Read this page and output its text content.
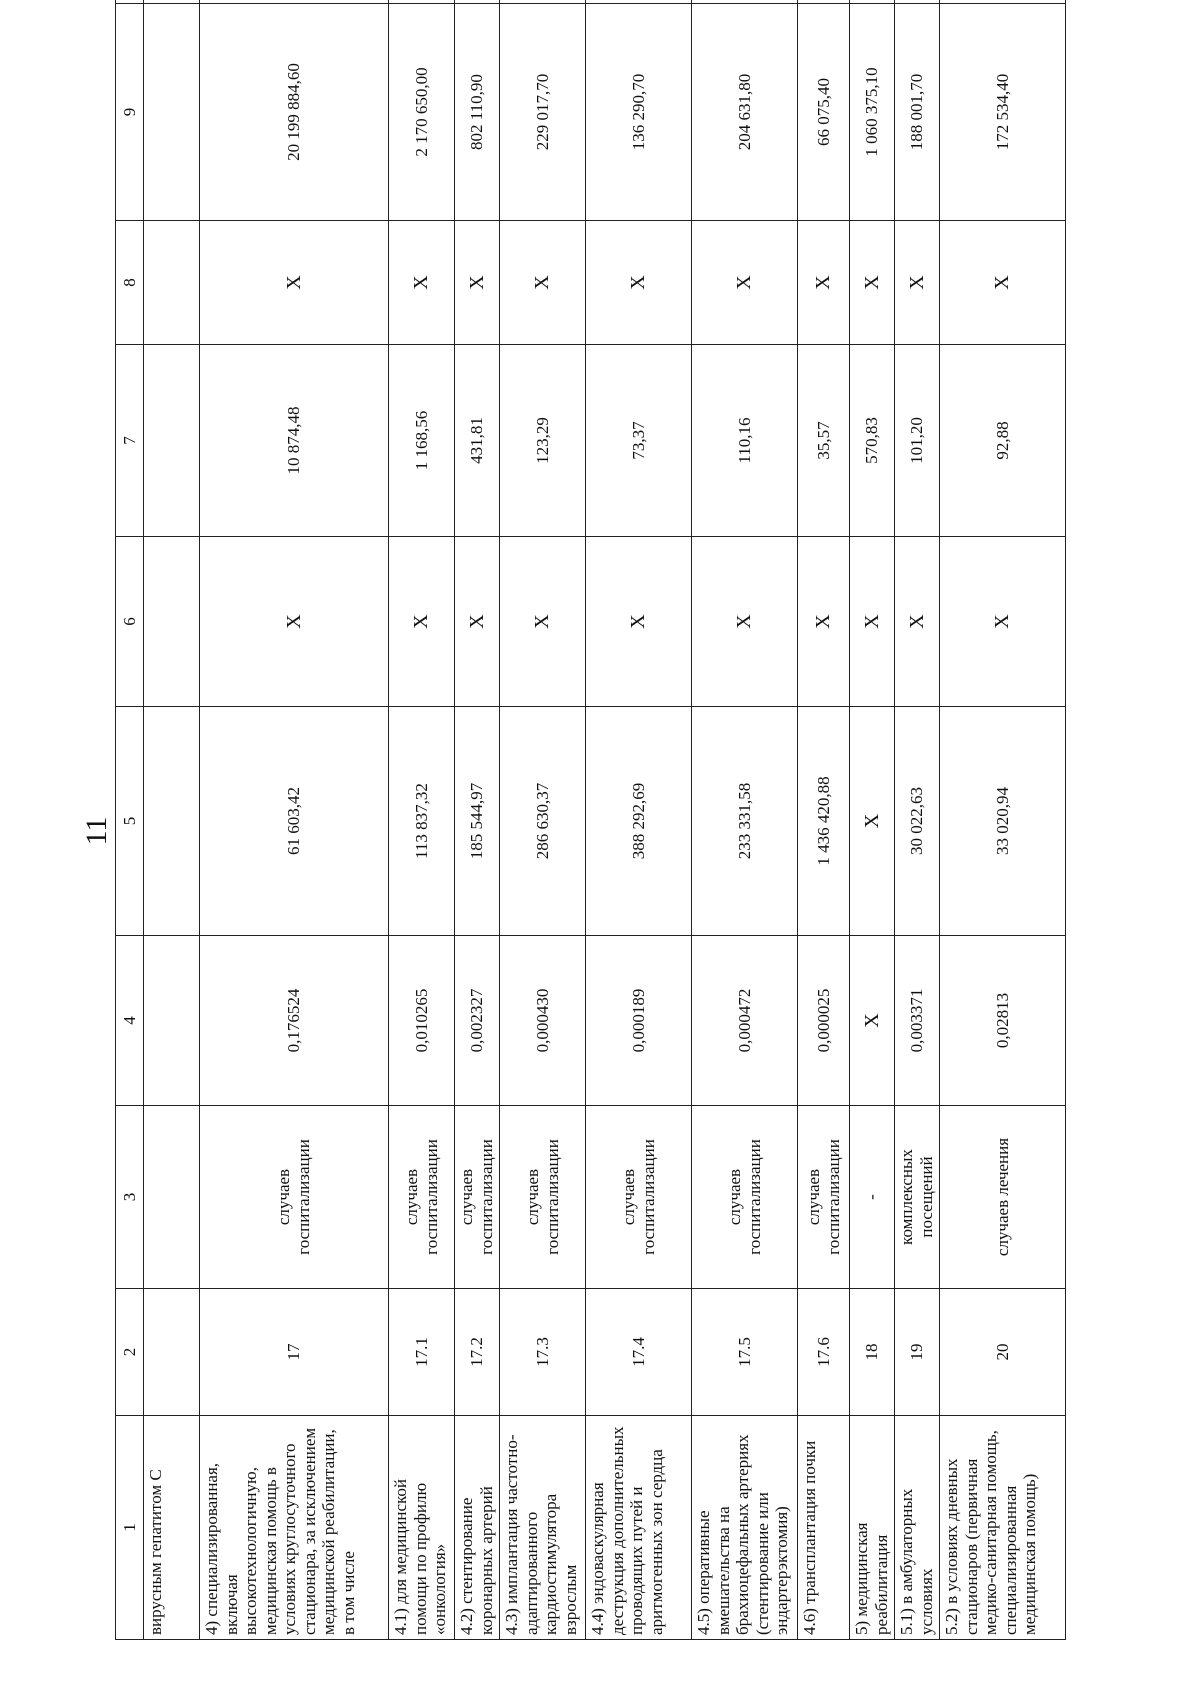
11
1	2	3	4	5	6	7	8	9	
вирусным гепатитом С									
4) специализированная, включая высокотехнологичную, медицинская помощь в условиях круглосуточного стационара, за исключением медицинской реабилитации, в том числе	17	случаев госпитализации	0,176524	61 603,42	Х	10 874,48	Х	20 199 884,60	
4.1) для медицинской помощи по профилю «онкология»	17.1	случаев госпитализации	0,010265	113 837,32	Х	1 168,56	Х	2 170 650,00	
4.2) стентирование коронарных артерий	17.2	случаев госпитализации	0,002327	185 544,97	Х	431,81	Х	802 110,90	
4.3) имплантация частотно-адаптированного кардиостимулятора взрослым	17.3	случаев госпитализации	0,000430	286 630,37	Х	123,29	Х	229 017,70	
4.4) эндоваскулярная деструкция дополнительных проводящих путей и аритмогенных зон сердца	17.4	случаев госпитализации	0,000189	388 292,69	Х	73,37	Х	136 290,70	
4.5) оперативные вмешательства на брахиоцефальных артериях (стентирование или эндартерэктомия)	17.5	случаев госпитализации	0,000472	233 331,58	Х	110,16	Х	204 631,80	
4.6) трансплантация почки	17.6	случаев госпитализации	0,000025	1 436 420,88	Х	35,57	Х	66 075,40	
5) медицинская реабилитация	18	-	Х	Х	Х	570,83	Х	1 060 375,10	
5.1) в амбулаторных условиях	19	комплексных посещений	0,003371	30 022,63	Х	101,20	Х	188 001,70	
5.2) в условиях дневных стационаров (первичная медико-санитарная помощь, специализированная медицинская помощь)	20	случаев лечения	0,02813	33 020,94	Х	92,88	Х	172 534,40	
